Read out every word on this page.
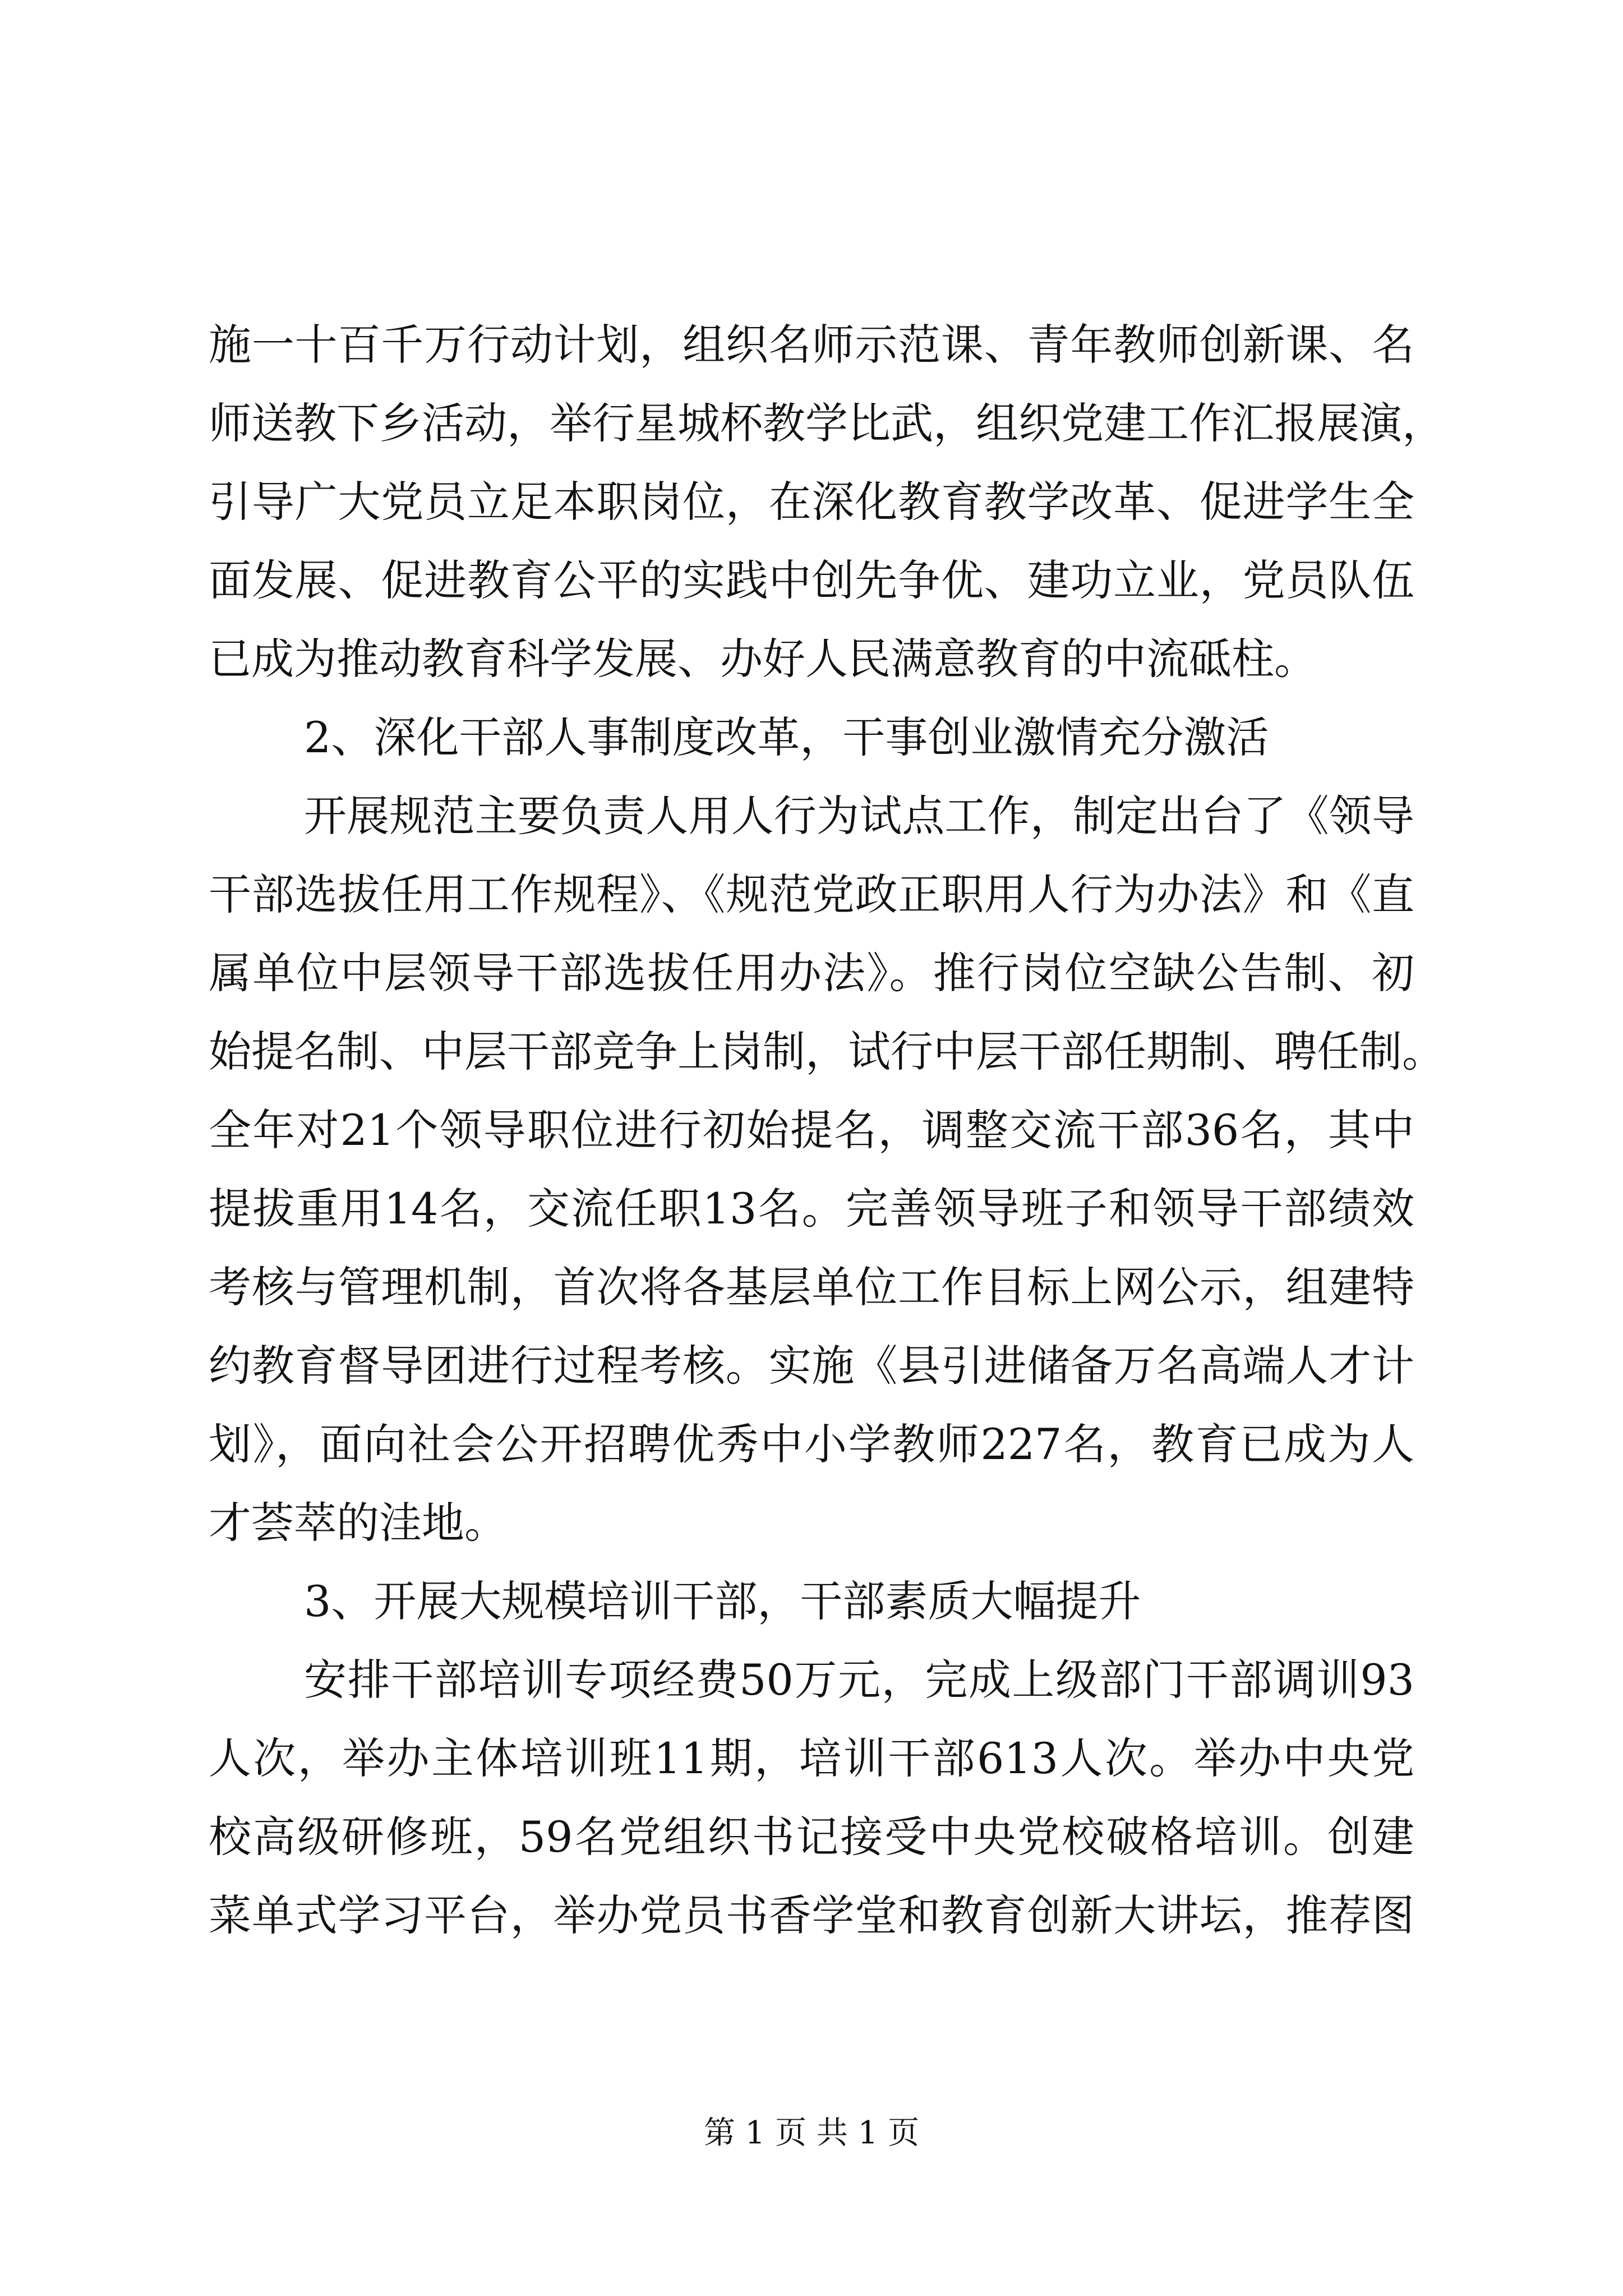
施一十百千万行动计划，组织名师示范课、青年教师创新课、名
师送教下乡活动，举行星城杯教学比武，组织党建工作汇报展演，
引导广大党员立足本职岗位，在深化教育教学改革、促进学生全
面发展、促进教育公平的实践中创先争优、建功立业，党员队伍
已成为推动教育科学发展、办好人民满意教育的中流砥柱。
2、深化干部人事制度改革，干事创业激情充分激活
开展规范主要负责人用人行为试点工作，制定出台了《领导
干部选拔任用工作规程》、《规范党政正职用人行为办法》和《直
属单位中层领导干部选拔任用办法》。推行岗位空缺公告制、初
始提名制、中层干部竞争上岗制，试行中层干部任期制、聘任制。
全年对21个领导职位进行初始提名，调整交流干部36名，其中
提拔重用14名，交流任职13名。完善领导班子和领导干部绩效
考核与管理机制，首次将各基层单位工作目标上网公示，组建特
约教育督导团进行过程考核。实施《县引进储备万名高端人才计
划》，面向社会公开招聘优秀中小学教师227名，教育已成为人
才荟萃的洼地。
3、开展大规模培训干部，干部素质大幅提升
安排干部培训专项经费50万元，完成上级部门干部调训93
人次，举办主体培训班11期，培训干部613人次。举办中央党
校高级研修班，59名党组织书记接受中央党校破格培训。创建
菜单式学习平台，举办党员书香学堂和教育创新大讲坛，推荐图
第 1 页 共 1 页
